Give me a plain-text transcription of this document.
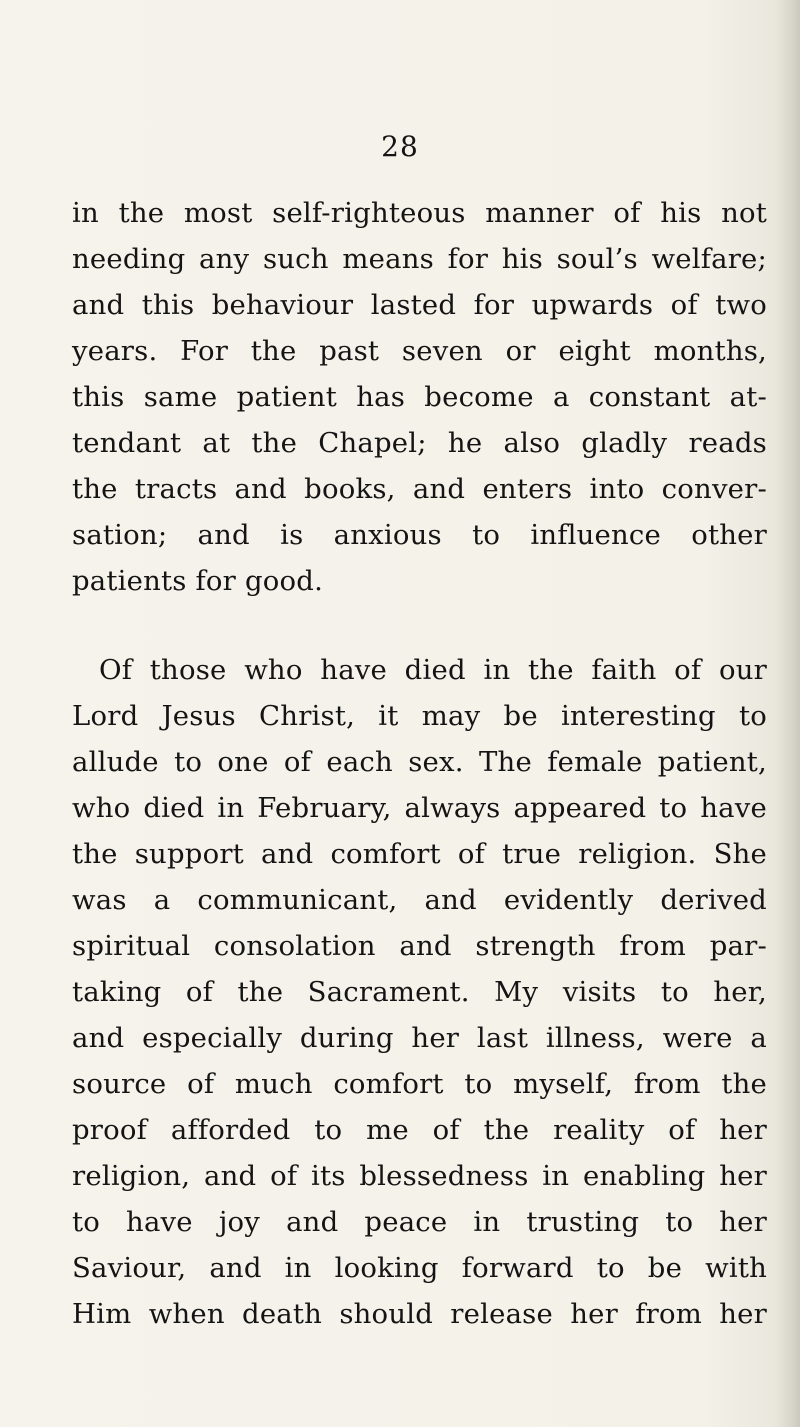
28
in the most self-righteous manner of his not
needing any such means for his soul’s welfare;
and this behaviour lasted for upwards of two
years. For the past seven or eight months,
this same patient has become a constant at-
tendant at the Chapel; he also gladly reads
the tracts and books, and enters into conver-
sation; and is anxious to influence other
patients for good.
Of those who have died in the faith of our
Lord Jesus Christ, it may be interesting to
allude to one of each sex. The female patient,
who died in February, always appeared to have
the support and comfort of true religion. She
was a communicant, and evidently derived
spiritual consolation and strength from par-
taking of the Sacrament. My visits to her,
and especially during her last illness, were a
source of much comfort to myself, from the
proof afforded to me of the reality of her
religion, and of its blessedness in enabling her
to have joy and peace in trusting to her
Saviour, and in looking forward to be with
Him when death should release her from her
